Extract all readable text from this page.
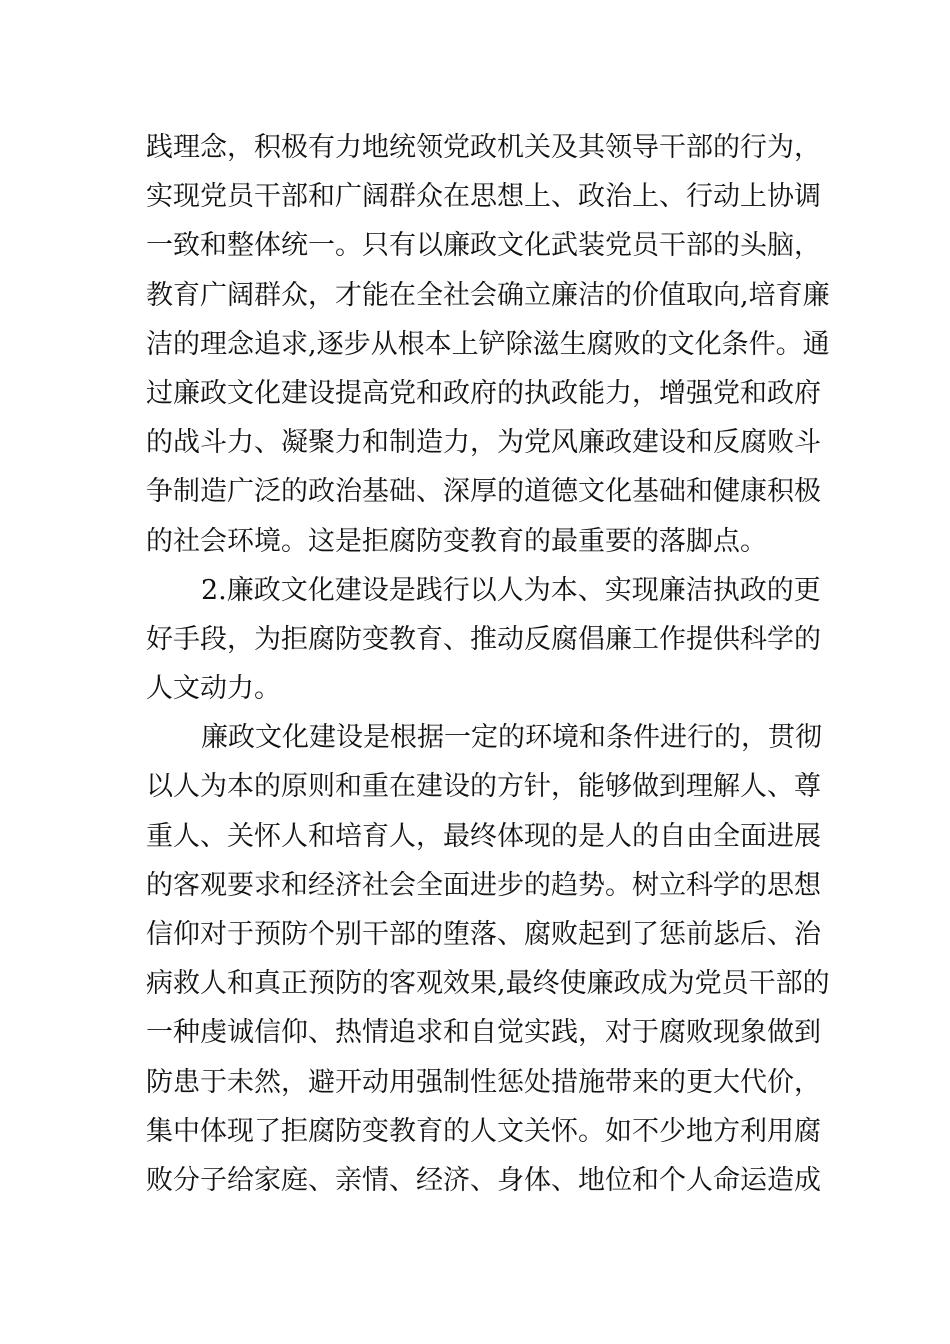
践理念，积极有力地统领党政机关及其领导干部的行为，
实现党员干部和广阔群众在思想上、政治上、行动上协调
一致和整体统一。只有以廉政文化武装党员干部的头脑，
教育广阔群众，才能在全社会确立廉洁的价值取向,培育廉
洁的理念追求,逐步从根本上铲除滋生腐败的文化条件。通
过廉政文化建设提高党和政府的执政能力，增强党和政府
的战斗力、凝聚力和制造力，为党风廉政建设和反腐败斗
争制造广泛的政治基础、深厚的道德文化基础和健康积极
的社会环境。这是拒腐防变教育的最重要的落脚点。
2.廉政文化建设是践行以人为本、实现廉洁执政的更
好手段，为拒腐防变教育、推动反腐倡廉工作提供科学的
人文动力。
廉政文化建设是根据一定的环境和条件进行的，贯彻
以人为本的原则和重在建设的方针，能够做到理解人、尊
重人、关怀人和培育人，最终体现的是人的自由全面进展
的客观要求和经济社会全面进步的趋势。树立科学的思想
信仰对于预防个别干部的堕落、腐败起到了惩前毖后、治
病救人和真正预防的客观效果,最终使廉政成为党员干部的
一种虔诚信仰、热情追求和自觉实践，对于腐败现象做到
防患于未然，避开动用强制性惩处措施带来的更大代价，
集中体现了拒腐防变教育的人文关怀。如不少地方利用腐
败分子给家庭、亲情、经济、身体、地位和个人命运造成
